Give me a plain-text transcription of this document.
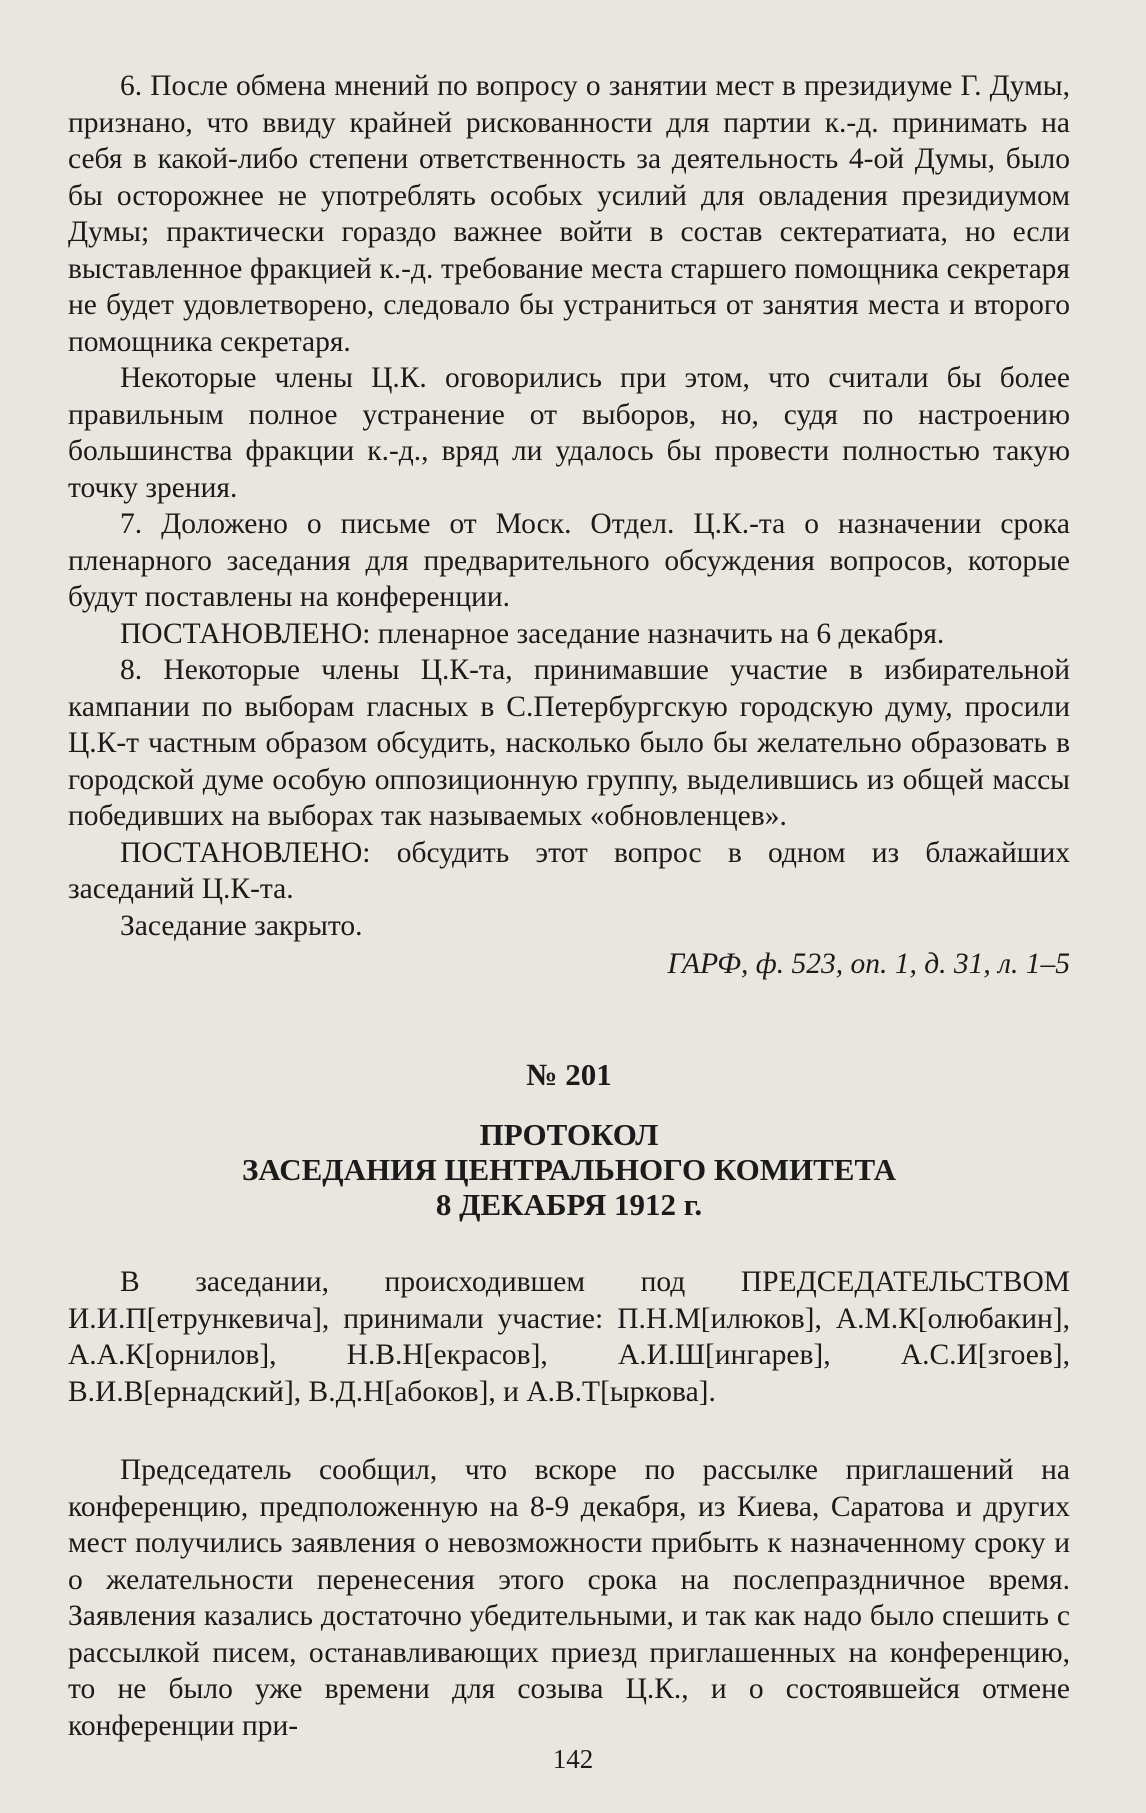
6. После обмена мнений по вопросу о занятии мест в президиуме Г. Думы, признано, что ввиду крайней рискованности для партии к.-д. принимать на себя в какой-либо степени ответственность за деятельность 4-ой Думы, было бы осторожнее не употреблять особых усилий для овладения президиумом Думы; практически гораздо важнее войти в состав сектератиата, но если выставленное фракцией к.-д. требование места старшего помощника секретаря не будет удовлетворено, следовало бы устраниться от занятия места и второго помощника секретаря.

Некоторые члены Ц.К. оговорились при этом, что считали бы более правильным полное устранение от выборов, но, судя по настроению большинства фракции к.-д., вряд ли удалось бы провести полностью такую точку зрения.

7. Доложено о письме от Моск. Отдел. Ц.К.-та о назначении срока пленарного заседания для предварительного обсуждения вопросов, которые будут поставлены на конференции.

ПОСТАНОВЛЕНО: пленарное заседание назначить на 6 декабря.

8. Некоторые члены Ц.К-та, принимавшие участие в избирательной кампании по выборам гласных в С.Петербургскую городскую думу, просили Ц.К-т частным образом обсудить, насколько было бы желательно образовать в городской думе особую оппозиционную группу, выделившись из общей массы победивших на выборах так называемых «обновленцев».

ПОСТАНОВЛЕНО: обсудить этот вопрос в одном из блажайших заседаний Ц.К-та.

Заседание закрыто.

ГАРФ, ф. 523, оп. 1, д. 31, л. 1–5

№ 201

ПРОТОКОЛ
ЗАСЕДАНИЯ ЦЕНТРАЛЬНОГО КОМИТЕТА
8 ДЕКАБРЯ 1912 г.

В заседании, происходившем под ПРЕДСЕДАТЕЛЬСТВОМ И.И.П[етрункевича], принимали участие: П.Н.М[илюков], А.М.К[олюбакин], А.А.К[орнилов], Н.В.Н[екрасов], А.И.Ш[ингарев], А.С.И[згоев], В.И.В[ернадский], В.Д.Н[абоков], и А.В.Т[ыркова].

Председатель сообщил, что вскоре по рассылке приглашений на конференцию, предположенную на 8-9 декабря, из Киева, Саратова и других мест получились заявления о невозможности прибыть к назначенному сроку и о желательности перенесения этого срока на послепраздничное время. Заявления казались достаточно убедительными, и так как надо было спешить с рассылкой писем, останавливающих приезд приглашенных на конференцию, то не было уже времени для созыва Ц.К., и о состоявшейся отмене конференции при-

142
